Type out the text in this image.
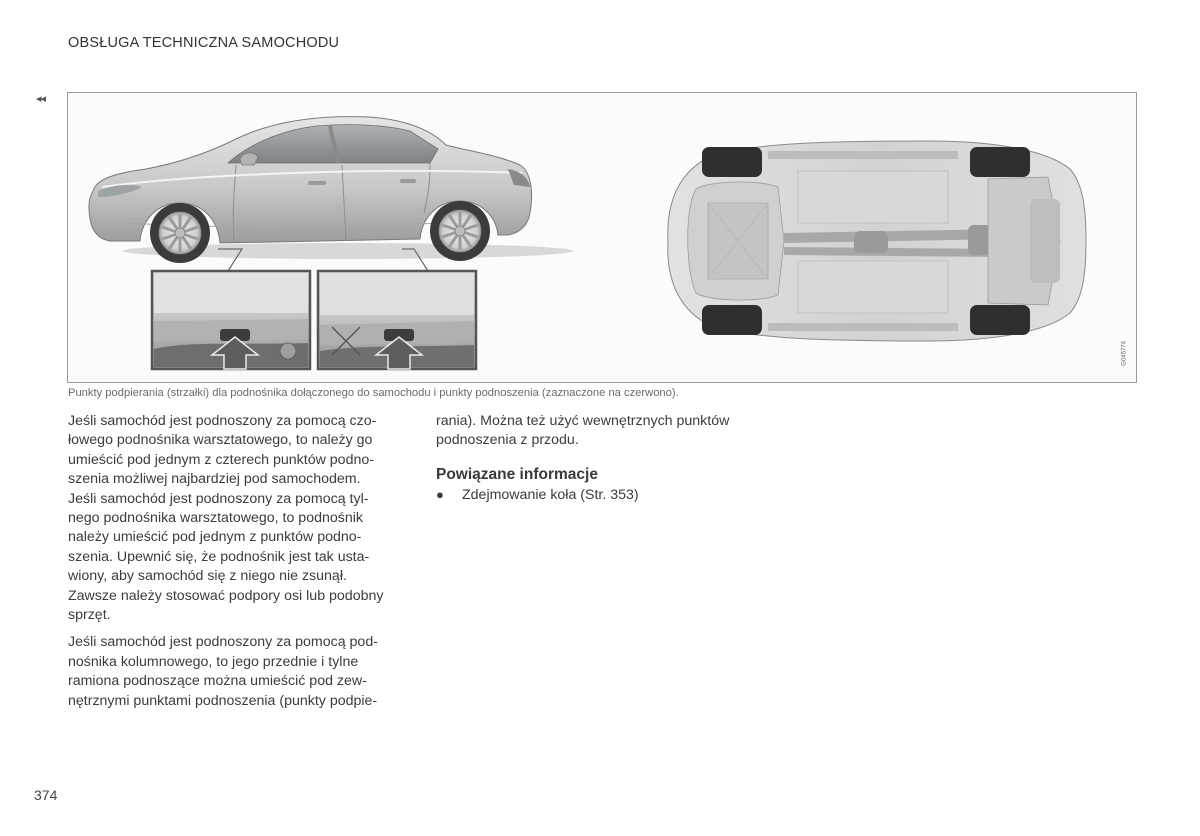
OBSŁUGA TECHNICZNA SAMOCHODU
◂◂
G045774
Punkty podpierania (strzałki) dla podnośnika dołączonego do samochodu i punkty podnoszenia (zaznaczone na czerwono).
Jeśli samochód jest podnoszony za pomocą czo-
łowego podnośnika warsztatowego, to należy go
umieścić pod jednym z czterech punktów podno-
szenia możliwej najbardziej pod samochodem.
Jeśli samochód jest podnoszony za pomocą tyl-
nego podnośnika warsztatowego, to podnośnik
należy umieścić pod jednym z punktów podno-
szenia. Upewnić się, że podnośnik jest tak usta-
wiony, aby samochód się z niego nie zsunął.
Zawsze należy stosować podpory osi lub podobny
sprzęt.
Jeśli samochód jest podnoszony za pomocą pod-
nośnika kolumnowego, to jego przednie i tylne
ramiona podnoszące można umieścić pod zew-
nętrznymi punktami podnoszenia (punkty podpie-
rania). Można też użyć wewnętrznych punktów
podnoszenia z przodu.
Powiązane informacje
●	Zdejmowanie koła (Str. 353)
374
